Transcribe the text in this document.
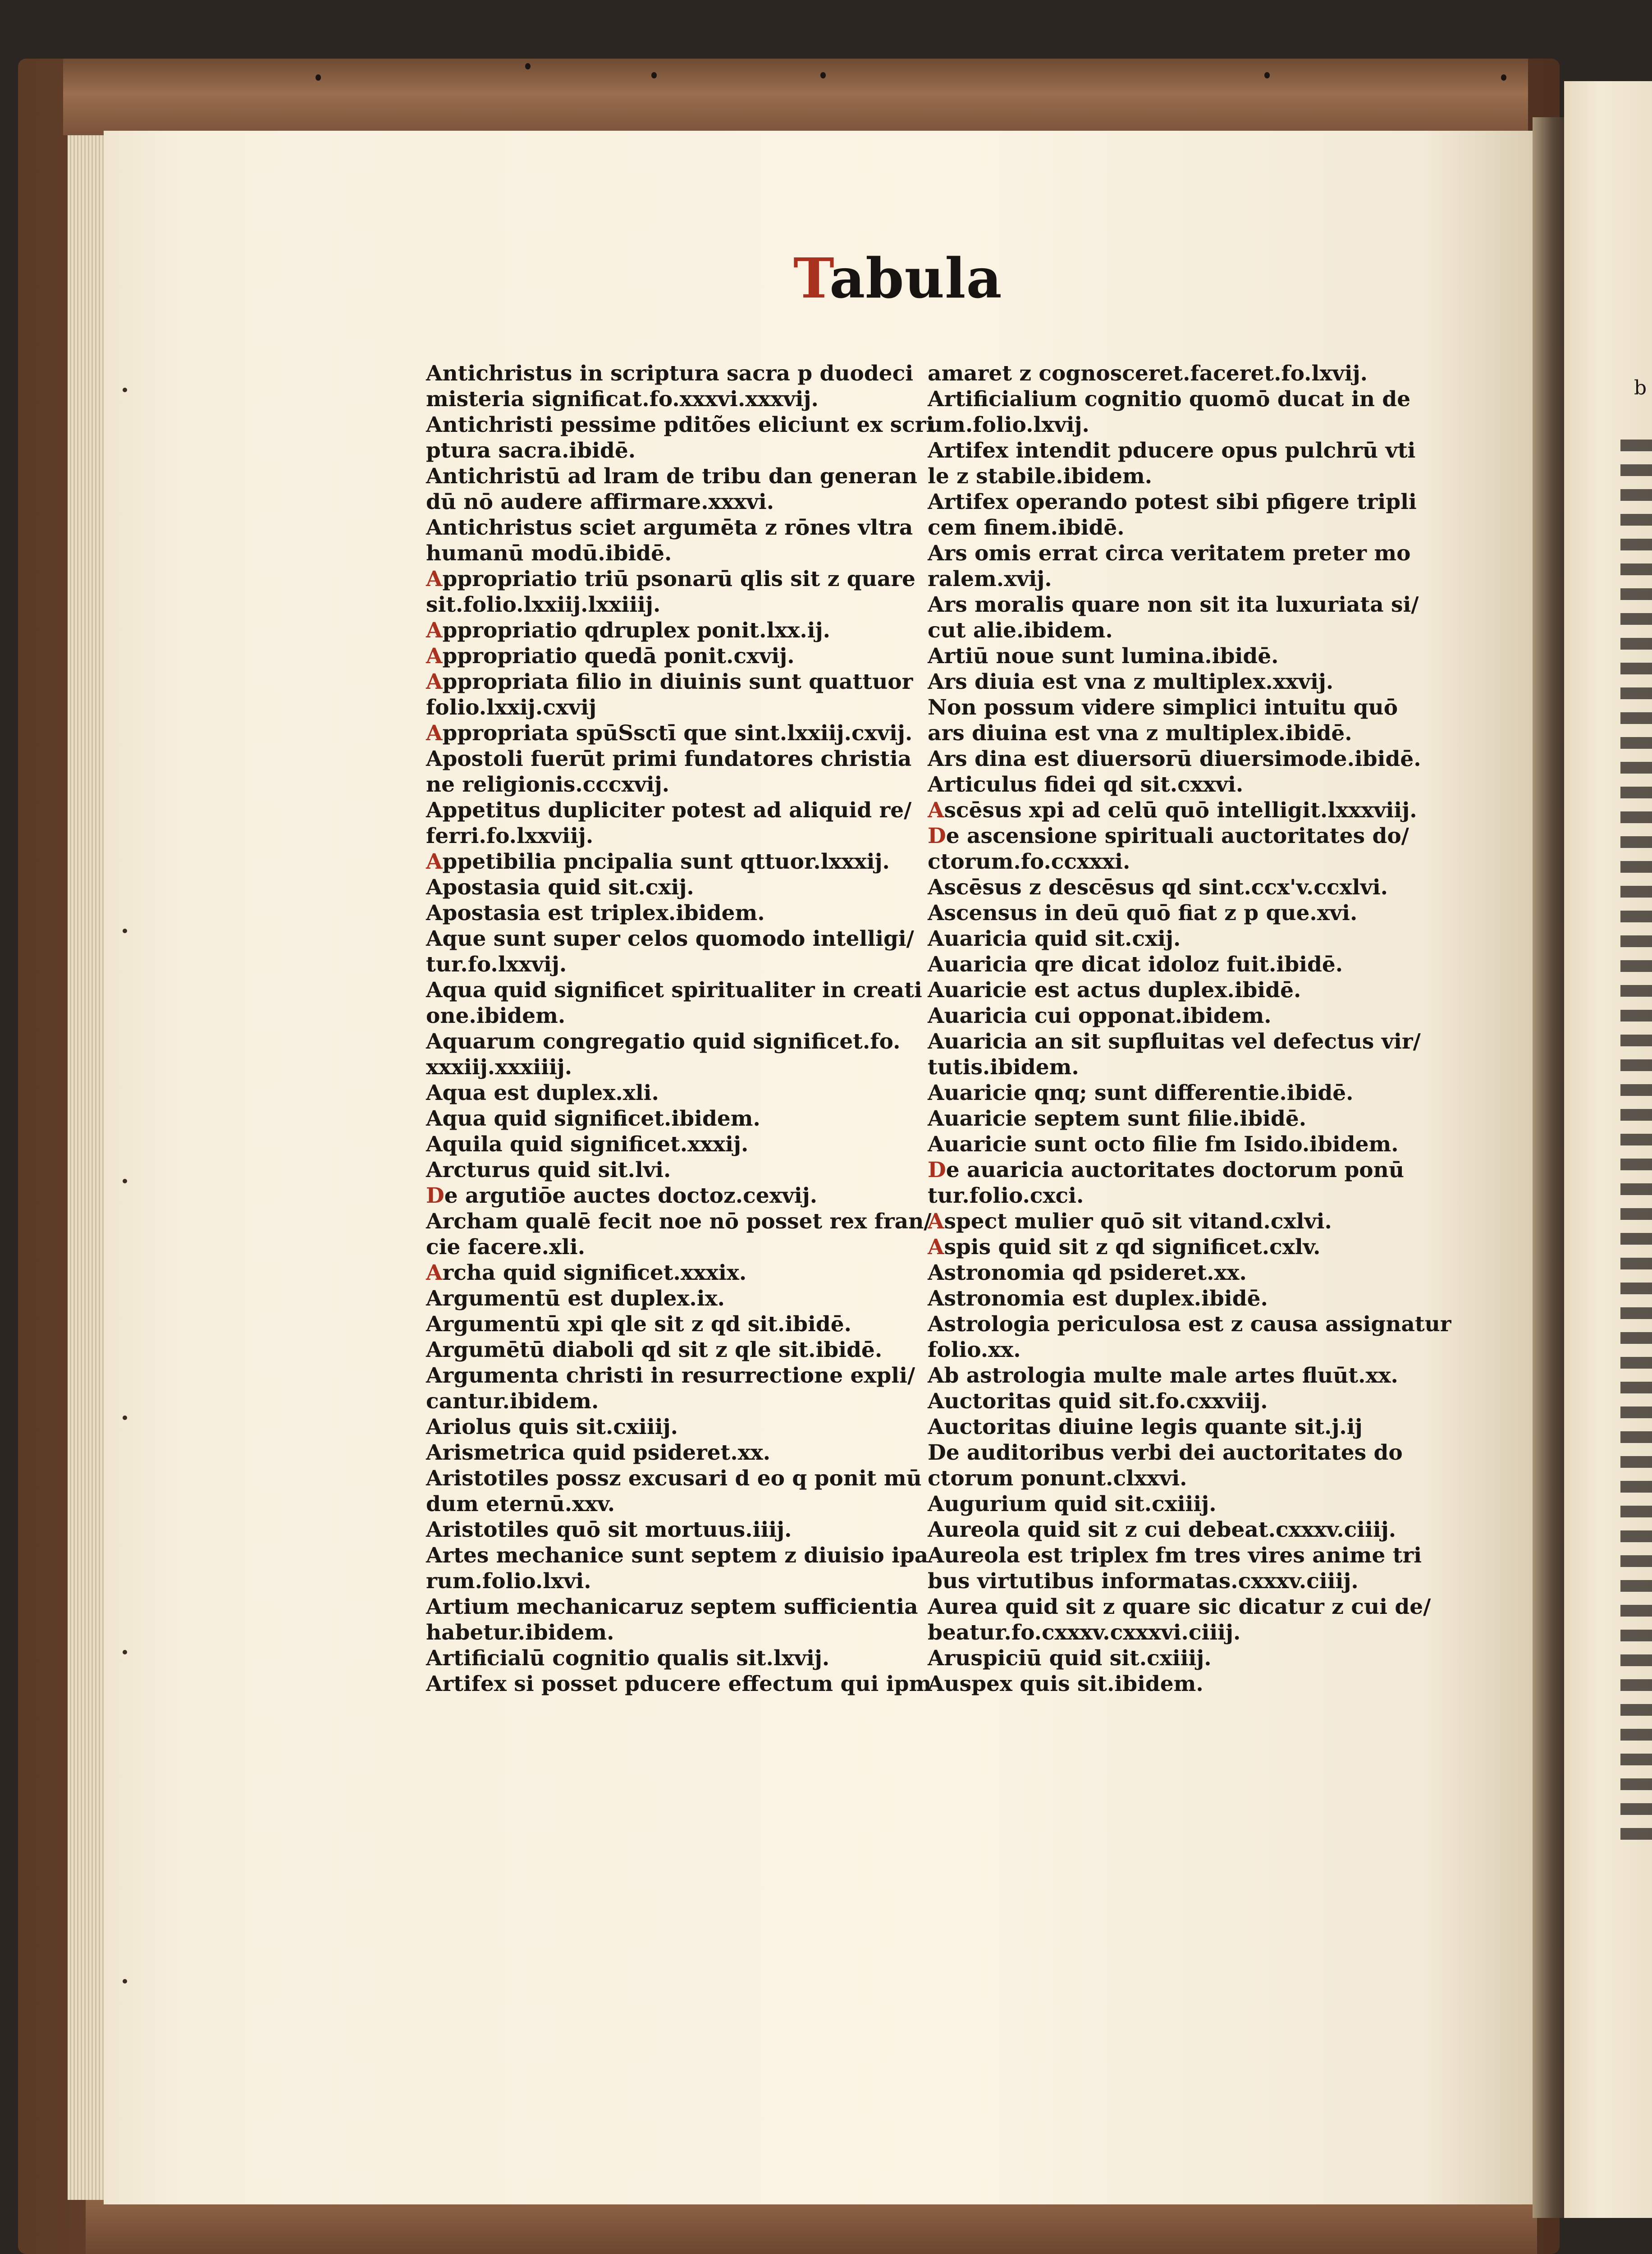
b
Tabula
Antichristus in scriptura sacra p duodeci
misteria significat.fo.xxxvi.xxxvij.
Antichristi pessime pditões eliciunt ex scri
ptura sacra.ibidē.
Antichristū ad lram de tribu dan generan
dū nō audere affirmare.xxxvi.
Antichristus sciet argumēta z rōnes vltra
humanū modū.ibidē.
Appropriatio triū psonarū qlis sit z quare
sit.folio.lxxiij.lxxiiij.
Appropriatio qdruplex ponit.lxx.ij.
Appropriatio quedā ponit.cxvij.
Appropriata filio in diuinis sunt quattuor
folio.lxxij.cxvij
Appropriata spūSsctī que sint.lxxiij.cxvij.
Apostoli fuerūt primi fundatores christia
ne religionis.cccxvij.
Appetitus dupliciter potest ad aliquid re/
ferri.fo.lxxviij.
Appetibilia pncipalia sunt qttuor.lxxxij.
Apostasia quid sit.cxij.
Apostasia est triplex.ibidem.
Aque sunt super celos quomodo intelligi/
tur.fo.lxxvij.
Aqua quid significet spiritualiter in creati
one.ibidem.
Aquarum congregatio quid significet.fo.
xxxiij.xxxiiij.
Aqua est duplex.xli.
Aqua quid significet.ibidem.
Aquila quid significet.xxxij.
Arcturus quid sit.lvi.
De argutiōe auctes doctoz.cexvij.
Archam qualē fecit noe nō posset rex fran/
cie facere.xli.
Archa quid significet.xxxix.
Argumentū est duplex.ix.
Argumentū xpi qle sit z qd sit.ibidē.
Argumētū diaboli qd sit z qle sit.ibidē.
Argumenta christi in resurrectione expli/
cantur.ibidem.
Ariolus quis sit.cxiiij.
Arismetrica quid psideret.xx.
Aristotiles possz excusari d eo q ponit mū
dum eternū.xxv.
Aristotiles quō sit mortuus.iiij.
Artes mechanice sunt septem z diuisio ipa
rum.folio.lxvi.
Artium mechanicaruz septem sufficientia
habetur.ibidem.
Artificialū cognitio qualis sit.lxvij.
Artifex si posset pducere effectum qui ipm
amaret z cognosceret.faceret.fo.lxvij.
Artificialium cognitio quomō ducat in de
um.folio.lxvij.
Artifex intendit pducere opus pulchrū vti
le z stabile.ibidem.
Artifex operando potest sibi pfigere tripli
cem finem.ibidē.
Ars omis errat circa veritatem preter mo
ralem.xvij.
Ars moralis quare non sit ita luxuriata si/
cut alie.ibidem.
Artiū noue sunt lumina.ibidē.
Ars diuia est vna z multiplex.xxvij.
Non possum videre simplici intuitu quō
ars diuina est vna z multiplex.ibidē.
Ars dina est diuersorū diuersimode.ibidē.
Articulus fidei qd sit.cxxvi.
Ascēsus xpi ad celū quō intelligit.lxxxviij.
De ascensione spirituali auctoritates do/
ctorum.fo.ccxxxi.
Ascēsus z descēsus qd sint.ccx'v.ccxlvi.
Ascensus in deū quō fiat z p que.xvi.
Auaricia quid sit.cxij.
Auaricia qre dicat idoloz fuit.ibidē.
Auaricie est actus duplex.ibidē.
Auaricia cui opponat.ibidem.
Auaricia an sit supfluitas vel defectus vir/
tutis.ibidem.
Auaricie qnq; sunt differentie.ibidē.
Auaricie septem sunt filie.ibidē.
Auaricie sunt octo filie fm Isido.ibidem.
De auaricia auctoritates doctorum ponū
tur.folio.cxci.
Aspect mulier quō sit vitand.cxlvi.
Aspis quid sit z qd significet.cxlv.
Astronomia qd psideret.xx.
Astronomia est duplex.ibidē.
Astrologia periculosa est z causa assignatur
folio.xx.
Ab astrologia multe male artes fluūt.xx.
Auctoritas quid sit.fo.cxxviij.
Auctoritas diuine legis quante sit.j.ij
De auditoribus verbi dei auctoritates do
ctorum ponunt.clxxvi.
Augurium quid sit.cxiiij.
Aureola quid sit z cui debeat.cxxxv.ciiij.
Aureola est triplex fm tres vires anime tri
bus virtutibus informatas.cxxxv.ciiij.
Aurea quid sit z quare sic dicatur z cui de/
beatur.fo.cxxxv.cxxxvi.ciiij.
Aruspiciū quid sit.cxiiij.
Auspex quis sit.ibidem.
